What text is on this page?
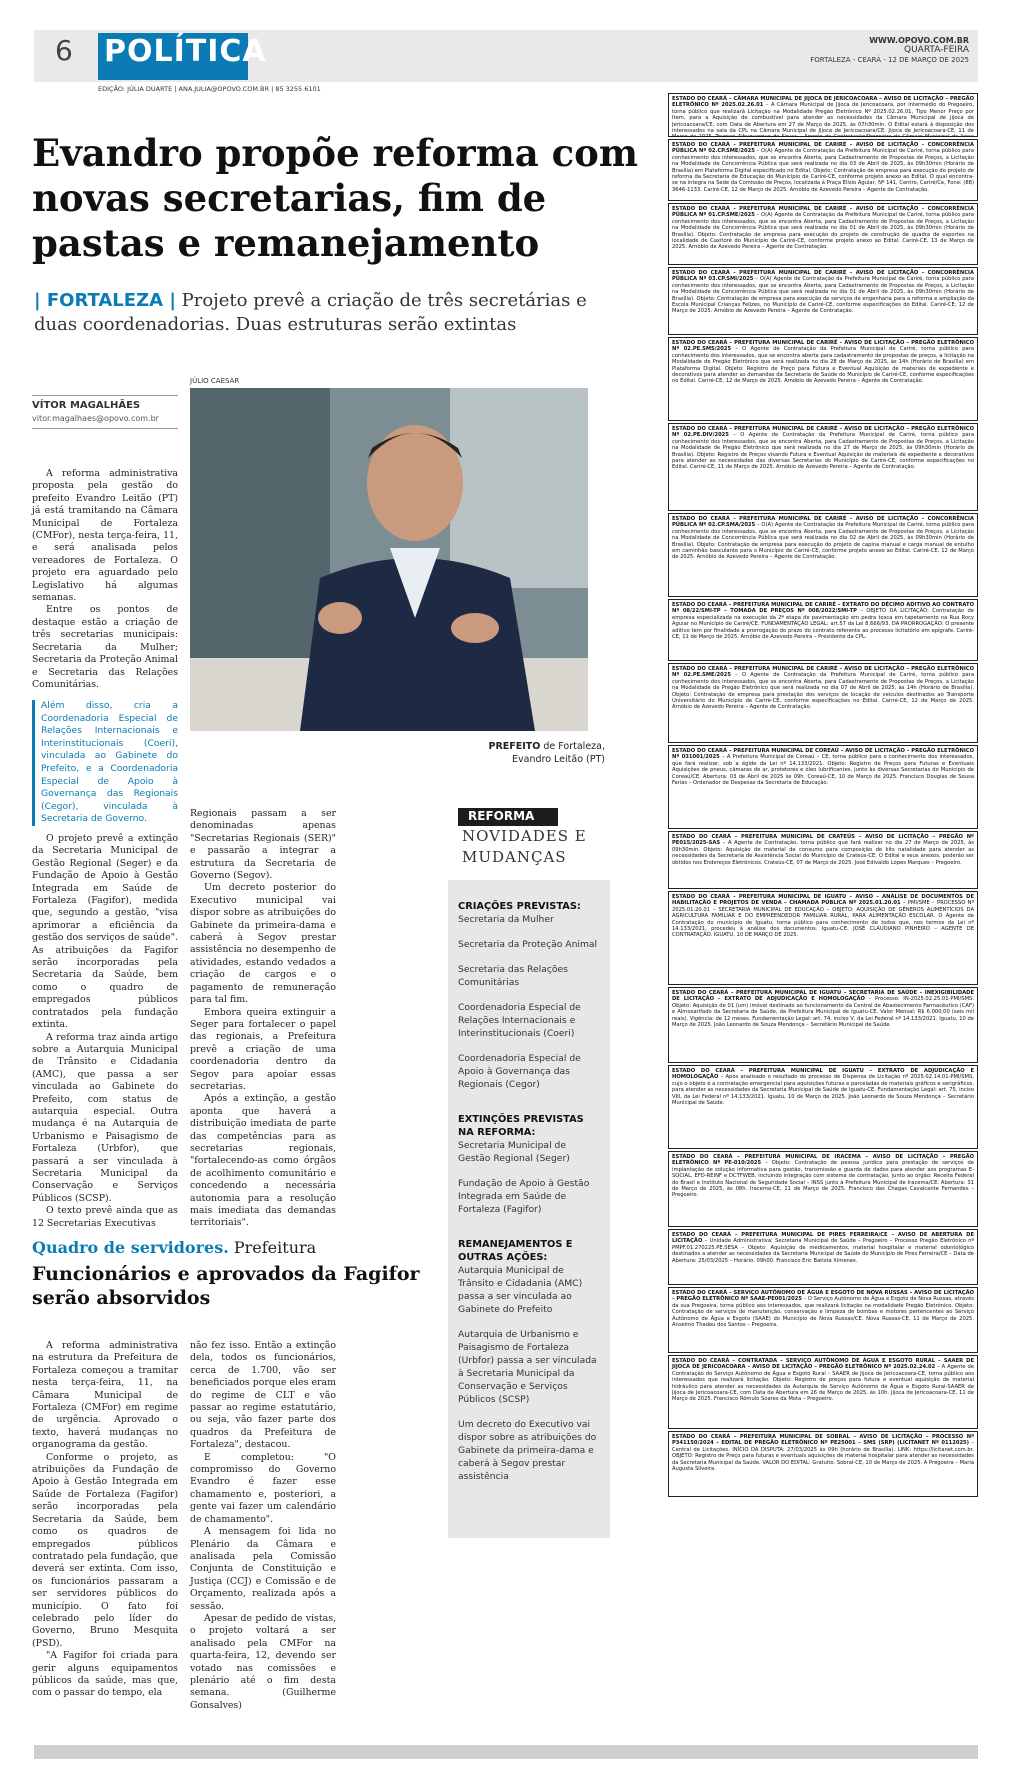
6 POLÍTICA	WWW.OPOVO.COM.BR
QUARTA-FEIRA
FORTALEZA - CEARÁ - 12 DE MARÇO DE 2025
EDIÇÃO: JÚLIA DUARTE | ANA.JULIA@OPOVO.COM.BR | 85 3255 6101
Evandro propõe reforma com novas secretarias, fim de pastas e remanejamento
| FORTALEZA | Projeto prevê a criação de três secretárias e duas coordenadorias. Duas estruturas serão extintas
VÍTOR MAGALHÃES
vitor.magalhaes@opovo.com.br
JÚLIO CAESAR
PREFEITO de Fortaleza, Evandro Leitão (PT)

A reforma administrativa proposta pela gestão do prefeito Evandro Leitão (PT) já está tramitando na Câmara Municipal de Fortaleza (CMFor), nesta terça-feira, 11, e será analisada pelos vereadores de Fortaleza. O projeto era aguardado pelo Legislativo há algumas semanas.

Entre os pontos de destaque estão a criação de três secretarias municipais: Secretaria da Mulher; Secretaria da Proteção Animal e Secretaria das Relações Comunitárias.

Além disso, cria a Coordenadoria Especial de Relações Internacionais e Interinstitucionais (Coeri), vinculada ao Gabinete do Prefeito, e a Coordenadoria Especial de Apoio à Governança das Regionais (Cegor), vinculada à Secretaria de Governo.

O projeto prevê a extinção da Secretaria Municipal de Gestão Regional (Seger) e da Fundação de Apoio à Gestão Integrada em Saúde de Fortaleza (Fagifor), medida que, segundo a gestão, "visa aprimorar a eficiência da gestão dos serviços de saúde". As atribuições da Fagifor serão incorporadas pela Secretaria da Saúde, bem como o quadro de empregados públicos contratados pela fundação extinta.

A reforma traz ainda artigo sobre a Autarquia Municipal de Trânsito e Cidadania (AMC), que passa a ser vinculada ao Gabinete do Prefeito, com status de autarquia especial. Outra mudança é na Autarquia de Urbanismo e Paisagismo de Fortaleza (Urbfor), que passará a ser vinculada à Secretaria Municipal da Conservação e Serviços Públicos (SCSP).

O texto prevê ainda que as 12 Secretarias Executivas

Regionais passam a ser denominadas apenas "Secretarias Regionais (SER)" e passarão a integrar a estrutura da Secretaria de Governo (Segov).

Um decreto posterior do Executivo municipal vai dispor sobre as atribuições do Gabinete da primeira-dama e caberá à Segov prestar assistência no desempenho de atividades, estando vedados a criação de cargos e o pagamento de remuneração para tal fim.

Embora queira extinguir a Seger para fortalecer o papel das regionais, a Prefeitura prevê a criação de uma coordenadoria dentro da Segov para apoiar essas secretarias.

Após a extinção, a gestão aponta que haverá a distribuição imediata de parte das competências para as secretarias regionais, "fortalecendo-as como órgãos de acolhimento comunitário e concedendo a necessária autonomia para a resolução mais imediata das demandas territoriais".

REFORMA
NOVIDADES E MUDANÇAS
CRIAÇÕES PREVISTAS:
Secretaria da Mulher
Secretaria da Proteção Animal
Secretaria das Relações Comunitárias
Coordenadoria Especial de Relações Internacionais e Interinstitucionais (Coeri)
Coordenadoria Especial de Apoio à Governança das Regionais (Cegor)
EXTINÇÕES PREVISTAS NA REFORMA:
Secretaria Municipal de Gestão Regional (Seger)
Fundação de Apoio à Gestão Integrada em Saúde de Fortaleza (Fagifor)
REMANEJAMENTOS E OUTRAS AÇÕES:
Autarquia Municipal de Trânsito e Cidadania (AMC) passa a ser vinculada ao Gabinete do Prefeito
Autarquia de Urbanismo e Paisagismo de Fortaleza (Urbfor) passa a ser vinculada à Secretaria Municipal da Conservação e Serviços Públicos (SCSP)
Um decreto do Executivo vai dispor sobre as atribuições do Gabinete da primeira-dama e caberá à Segov prestar assistência
Quadro de servidores. Prefeitura
Funcionários e aprovados da Fagifor serão absorvidos

A reforma administrativa na estrutura da Prefeitura de Fortaleza começou a tramitar nesta terça-feira, 11, na Câmara Municipal de Fortaleza (CMFor) em regime de urgência. Aprovado o texto, haverá mudanças no organograma da gestão.

Conforme o projeto, as atribuições da Fundação de Apoio à Gestão Integrada em Saúde de Fortaleza (Fagifor) serão incorporadas pela Secretaria da Saúde, bem como os quadros de empregados públicos contratado pela fundação, que deverá ser extinta. Com isso, os funcionários passaram a ser servidores públicos do município. O fato foi celebrado pelo líder do Governo, Bruno Mesquita (PSD).

"A Fagifor foi criada para gerir alguns equipamentos públicos da saúde, mas que, com o passar do tempo, ela

não fez isso. Então a extinção dela, todos os funcionários, cerca de 1.700, vão ser beneficiados porque eles eram do regime de CLT e vão passar ao regime estatutário, ou seja, vão fazer parte dos quadros da Prefeitura de Fortaleza", destacou.

E completou: "O compromisso do Governo Evandro é fazer esse chamamento e, posteriori, a gente vai fazer um calendário de chamamento".

A mensagem foi lida no Plenário da Câmara e analisada pela Comissão Conjunta de Constituição e Justiça (CCJ) e Comissão e de Orçamento, realizada após a sessão.

Apesar de pedido de vistas, o projeto voltará a ser analisado pela CMFor na quarta-feira, 12, devendo ser votado nas comissões e plenário até o fim desta semana. (Guilherme Gonsalves)

ESTADO DO CEARÁ – CÂMARA MUNICIPAL DE JIJOCA DE JERICOACOARA – AVISO DE LICITAÇÃO – PREGÃO ELETRÔNICO Nº 2025.02.26.01 – A Câmara Municipal de Jijoca de Jericoacoara, por intermédio do Pregoeiro, torna público que realizará Licitação na Modalidade Pregão Eletrônico Nº 2025.02.26.01, Tipo Menor Preço por Item, para a Aquisição de combustível para atender as necessidades da Câmara Municipal de Jijoca de Jericoacoara/CE, com Data de Abertura em 27 de Março de 2025, às 07h30min. O Edital estará à disposição dos interessados na sala da CPL na Câmara Municipal de Jijoca de Jericoacoara/CE. Jijoca de Jericoacoara-CE, 11 de
ESTADO DO CEARÁ – PREFEITURA MUNICIPAL DE CARIRÉ – AVISO DE LICITAÇÃO – CONCORRÊNCIA PÚBLICA Nº 02.CP.SME/2025 – O(A) Agente de Contratação da Prefeitura Municipal de Cariré, torna público para conhecimento dos interessados, que se encontra Aberta, para Cadastramento de Propostas de Preços, a Licitação na Modalidade de Concorrência Pública que será realizada no dia 03 de Abril de 2025, às 09h30min (Horário de Brasília) em Plataforma Digital especificado no Edital. Objeto: Contratação de empresa para execução do projeto de reforma da Secretaria de Educação do Município de Cariré-CE, conforme projeto anexo ao Edital. O qual encontra-se na íntegra na Sede da Comissão de Preços, localizada à Praça Elísio Aguiar, Nº 141, Centro, Cariré/Ce, Fone: (88) 3646-1133. Cariré-CE, 12 de Março de 2025. Arnóbio de Azevedo Pereira – Agente de Contratação.
ESTADO DO CEARÁ – PREFEITURA MUNICIPAL DE CARIRÉ – AVISO DE LICITAÇÃO – CONCORRÊNCIA PÚBLICA Nº 01.CP.SME/2025 – O(A) Agente de Contratação da Prefeitura Municipal de Cariré, torna público para conhecimento dos interessados, que se encontra Aberta, para Cadastramento de Propostas de Preços, a Licitação na Modalidade de Concorrência Pública que será realizada no dia 01 de Abril de 2025, às 09h30min (Horário de Brasília). Objeto: Contratação de empresa para execução do projeto de construção de quadra de esportes na localidade de Caxitoré do Município de Cariré-CE, conforme projeto anexo ao Edital. Cariré-CE, 13 de Março de 2025. Arnóbio de Azevedo Pereira – Agente de Contratação.
ESTADO DO CEARÁ – PREFEITURA MUNICIPAL DE CARIRÉ – AVISO DE LICITAÇÃO – CONCORRÊNCIA PÚBLICA Nº 03.CP.SMI/2025 – O(A) Agente de Contratação da Prefeitura Municipal de Cariré, torna público para conhecimento dos interessados, que se encontra Aberta, para Cadastramento de Propostas de Preços, a Licitação na Modalidade de Concorrência Pública que será realizada no dia 01 de Abril de 2025, às 09h30min (Horário de Brasília). Objeto: Contratação de empresa para execução de serviços de engenharia para a reforma e ampliação da Escola Municipal Crianças Felizes, no Município de Cariré-CE, conforme especificações do Edital. Cariré-CE, 12 de Março de 2025. Arnóbio de Azevedo Pereira – Agente de Contratação.
ESTADO DO CEARÁ – PREFEITURA MUNICIPAL DE CARIRÉ – AVISO DE LICITAÇÃO – PREGÃO ELETRÔNICO Nº 02.PE.SMS/2025 – O Agente de Contratação da Prefeitura Municipal de Cariré, torna público para conhecimento dos interessados, que se encontra aberta para cadastramento de propostas de preços, a licitação na Modalidade de Pregão Eletrônico que será realizada no dia 28 de Março de 2025, às 14h (Horário de Brasília) em Plataforma Digital. Objeto: Registro de Preço para Futura e Eventual Aquisição de materiais de expediente e decorativos para atender as demandas da Secretaria de Saúde do Município de Cariré-CE, conforme especificações no Edital. Cariré-CE, 12 de Março de 2025. Arnóbio de Azevedo Pereira – Agente de Contratação.
ESTADO DO CEARÁ – PREFEITURA MUNICIPAL DE CARIRÉ – AVISO DE LICITAÇÃO – PREGÃO ELETRÔNICO Nº 02.PE.DIV/2025 – O Agente de Contratação da Prefeitura Municipal de Cariré, torna público para conhecimento dos interessados, que se encontra Aberta, para Cadastramento de Propostas de Preços, a Licitação na Modalidade de Pregão Eletrônico que será realizada no dia 27 de Março de 2025, às 09h30min (Horário de Brasília). Objeto: Registro de Preços visando Futura e Eventual Aquisição de materiais de expediente e decorativos para atender as necessidades das diversas Secretarias do Município de Cariré-CE, conforme especificações no Edital. Cariré-CE, 11 de Março de 2025. Arnóbio de Azevedo Pereira – Agente de Contratação.
ESTADO DO CEARÁ – PREFEITURA MUNICIPAL DE CARIRÉ – AVISO DE LICITAÇÃO – CONCORRÊNCIA PÚBLICA Nº 02.CP.SMA/2025 – O(A) Agente de Contratação da Prefeitura Municipal de Cariré, torna público para conhecimento dos interessados, que se encontra Aberta, para Cadastramento de Propostas de Preços, a Licitação na Modalidade de Concorrência Pública que será realizada no dia 02 de Abril de 2025, às 09h30min (Horário de Brasília). Objeto: Contratação de empresa para execução do projeto de capina manual e carga manual de entulho em caminhão basculante para o Município de Cariré-CE, conforme projeto anexo ao Edital. Cariré-CE, 12 de Março de 2025. Arnóbio de Azevedo Pereira – Agente de Contratação.
ESTADO DO CEARÁ – PREFEITURA MUNICIPAL DE CARIRÉ – EXTRATO DO DÉCIMO ADITIVO AO CONTRATO Nº 08/22/SMI-TP – TOMADA DE PREÇOS Nº 008/2022/SMI-TP – OBJETO DA LICITAÇÃO: Contratação de empresa especializada na execução da 2ª etapa de pavimentação em pedra tosca em tapetamento na Rua Rocy Aguiar no Município de Cariré/CE. FUNDAMENTAÇÃO LEGAL: art.57 da Lei 8.666/93. DA PRORROGAÇÃO: O presente aditivo tem por finalidade a prorrogação do prazo do contrato referente ao processo licitatório em epígrafe. Cariré-CE, 11 de Março de 2025. Arnóbio de Azevedo Pereira – Presidente da CPL.
ESTADO DO CEARÁ – PREFEITURA MUNICIPAL DE CARIRÉ – AVISO DE LICITAÇÃO – PREGÃO ELETRÔNICO Nº 02.PE.SME/2025 – O Agente de Contratação da Prefeitura Municipal de Cariré, torna público para conhecimento dos interessados, que se encontra Aberta, para Cadastramento de Propostas de Preços, a Licitação na Modalidade de Pregão Eletrônico que será realizada no dia 07 de Abril de 2025, às 14h (Horário de Brasília). Objeto: Contratação de empresa para prestação dos serviços de locação de veículos destinados ao Transporte Universitário do Município de Cariré-CE, conforme especificações no Edital. Cariré-CE, 12 de Março de 2025. Arnóbio de Azevedo Pereira – Agente de Contratação.
ESTADO DO CEARÁ – PREFEITURA MUNICIPAL DE COREAÚ – AVISO DE LICITAÇÃO – PREGÃO ELETRÔNICO Nº 031001/2025 – A Prefeitura Municipal de Coreaú – CE, torna público para o conhecimento dos interessados, que fará realizar, sob a égide da Lei nº 14.133/2021. Objeto: Registro de Preços para Futuras e Eventuais Aquisições de pneus, câmaras de ar, protetores e óleo lubrificantes, junto às diversas Secretarias do Município de Coreaú/CE. Abertura: 03 de Abril de 2025 às 09h. Coreaú-CE, 10 de Março de 2025. Francisco Douglas de Sousa Farias – Ordenador de Despesas da Secretaria de Educação.
ESTADO DO CEARÁ – PREFEITURA MUNICIPAL DE CRATEÚS – AVISO DE LICITAÇÃO – PREGÃO Nº PE015/2025-SAS – A Agente de Contratação, torna público que fará realizar no dia 27 de Março de 2025, às 09h30min. Objeto: Aquisição de material de consumo para composição de kits natalidade para atender as necessidades da Secretaria de Assistência Social do Município de Crateús-CE. O Edital e seus anexos, poderão ser obtidos nos Endereços Eletrônicos. Crateús-CE, 07 de Março de 2025. José Edivaldo Lopes Marques – Pregoeiro.
ESTADO DO CEARÁ – PREFEITURA MUNICIPAL DE IGUATU – AVISO – ANÁLISE DE DOCUMENTOS DE HABILITAÇÃO E PROJETOS DE VENDA – CHAMADA PÚBLICA Nº 2025.01.20.01 – PMI/SME – PROCESSO Nº 2025.01.20.01 – SECRETARIA MUNICIPAL DE EDUCAÇÃO – OBJETO: AQUISIÇÃO DE GÊNEROS ALIMENTÍCIOS DA AGRICULTURA FAMILIAR E DO EMPREENDEDOR FAMILIAR RURAL, PARA ALIMENTAÇÃO ESCOLAR. O Agente de Contratação do município de Iguatu, torna público para conhecimento de todos que, nos termos da Lei nº 14.133/2021, procedeu à análise dos documentos. Iguatu-CE. JOSÉ CLAUDIANO PINHEIRO – AGENTE DE CONTRATAÇÃO. IGUATU, 10 DE MARÇO DE 2025.
ESTADO DO CEARÁ – PREFEITURA MUNICIPAL DE IGUATU – SECRETARIA DE SAÚDE – INEXIGIBILIDADE DE LICITAÇÃO – EXTRATO DE ADJUDICAÇÃO E HOMOLOGAÇÃO – Processo: IN-2025.02.25.01-PMI/SMS. Objeto: Aquisição de 01 (um) imóvel destinado ao funcionamento da Central de Abastecimento Farmacêutico (CAF) e Almoxarifado da Secretaria de Saúde, da Prefeitura Municipal de Iguatu-CE. Valor Mensal: R$ 6.000,00 (seis mil reais). Vigência: de 12 meses. Fundamentação Legal: art. 74, inciso V, da Lei Federal nº 14.133/2021. Iguatu, 10 de Março de 2025. João Leonardo de Souza Mendonça – Secretário Municipal de Saúde.
ESTADO DO CEARÁ – PREFEITURA MUNICIPAL DE IGUATU – EXTRATO DE ADJUDICAÇÃO E HOMOLOGAÇÃO – Após analisado o resultado do processo de Dispensa de Licitação nº 2025.02.14.01-PMI/SMS, cujo o objeto é a contratação emergencial para aquisições futuras e parceladas de materiais gráficos e serigráficos, para atender as necessidades da Secretaria Municipal de Saúde de Iguatu-CE. Fundamentação Legal: art. 75, inciso VIII, da Lei Federal nº 14.133/2021. Iguatu, 10 de Março de 2025. João Leonardo de Souza Mendonça – Secretário Municipal de Saúde.
ESTADO DO CEARÁ – PREFEITURA MUNICIPAL DE IRACEMA – AVISO DE LICITAÇÃO – PREGÃO ELETRÔNICO Nº PE-010/2025 – Objeto: Contratação de pessoa jurídica para prestação de serviços de implantação de solução informativa para gestão, transmissão e guarda de dados para atender aos programas E-SOCIAL, EFD-REINF e DCTFWEB, incluindo integração com sistema de contratação, junto ao órgão: Receita Federal do Brasil e Instituto Nacional de Seguridade Social – INSS junto à Prefeitura Municipal de Iracema/CE. Abertura: 31 de Março de 2025, às 08h. Iracema-CE, 11 de Março de 2025. Francisco das Chagas Cavalcante Fernandes – Pregoeiro.
ESTADO DO CEARÁ – PREFEITURA MUNICIPAL DE PIRES FERREIRA/CE – AVISO DE ABERTURA DE LICITAÇÃO – Unidade Administrativa: Secretaria Municipal de Saúde – Pregoeiro – Processo Pregão Eletrônico nº PMPF.01.270225.PE.SESA – Objeto: Aquisição de medicamentos, material hospitalar e material odontológico destinados a atender as necessidades da Secretaria Municipal de Saúde do Município de Pires Ferreira/CE – Data de Abertura: 25/03/2025 – Horário: 09h00. Francisco Eric Batista Ximenes.
ESTADO DO CEARÁ – SERVIÇO AUTÔNOMO DE ÁGUA E ESGOTO DE NOVA RUSSAS – AVISO DE LICITAÇÃO – PREGÃO ELETRÔNICO Nº SAAE-PE001/2025 – O Serviço Autônomo de Água e Esgoto de Nova Russas, através da sua Pregoeira, torna público aos interessados, que realizará licitação na modalidade Pregão Eletrônico. Objeto: Contratação de serviços de manutenção, conservação e limpeza de bombas e motores pertencentes ao Serviço Autônomo de Água e Esgoto (SAAE) do Município de Nova Russas/CE. Nova Russas-CE, 11 de Março de 2025. Anselmo Thadeu dos Santos – Pregoeira.
ESTADO DO CEARÁ – CONTRATADA – SERVIÇO AUTÔNOMO DE ÁGUA E ESGOTO RURAL – SAAER DE JIJOCA DE JERICOACOARA – AVISO DE LICITAÇÃO – PREGÃO ELETRÔNICO Nº 2025.02.24.02 – A Agente de Contratação do Serviço Autônomo de Água e Esgoto Rural – SAAER de Jijoca de Jericoacoara-CE, torna público aos interessados que realizará licitação. Objeto: Registro de preços para futura e eventual aquisição de material hidráulico para atender as necessidades da Autarquia de Serviço Autônomo de Água e Esgoto Rural-SAAER de Jijoca de Jericoacoara-CE, com Data de Abertura em 26 de Março de 2025, às 10h. Jijoca de Jericoacoara-CE, 11 de Março de 2025. Francisco Rômulo Soares da Mota – Pregoeiro.
ESTADO DO CEARÁ – PREFEITURA MUNICIPAL DE SOBRAL – AVISO DE LICITAÇÃO – PROCESSO Nº P341150/2024 – EDITAL DE PREGÃO ELETRÔNICO Nº PE25001 – SMS (SRP) (LICITANET Nº 0112025) – Central de Licitações. INÍCIO DA DISPUTA: 27/03/2025 às 09h (horário de Brasília). LINK: https://licitanet.com.br. OBJETO: Registro de Preço para futuras e eventuais aquisições de material hospitalar para atender as necessidades da Secretaria Municipal da Saúde. VALOR DO EDITAL: Gratuito. Sobral-CE, 10 de Março de 2025. A Pregoeira – Maria Augusta Silveira.
